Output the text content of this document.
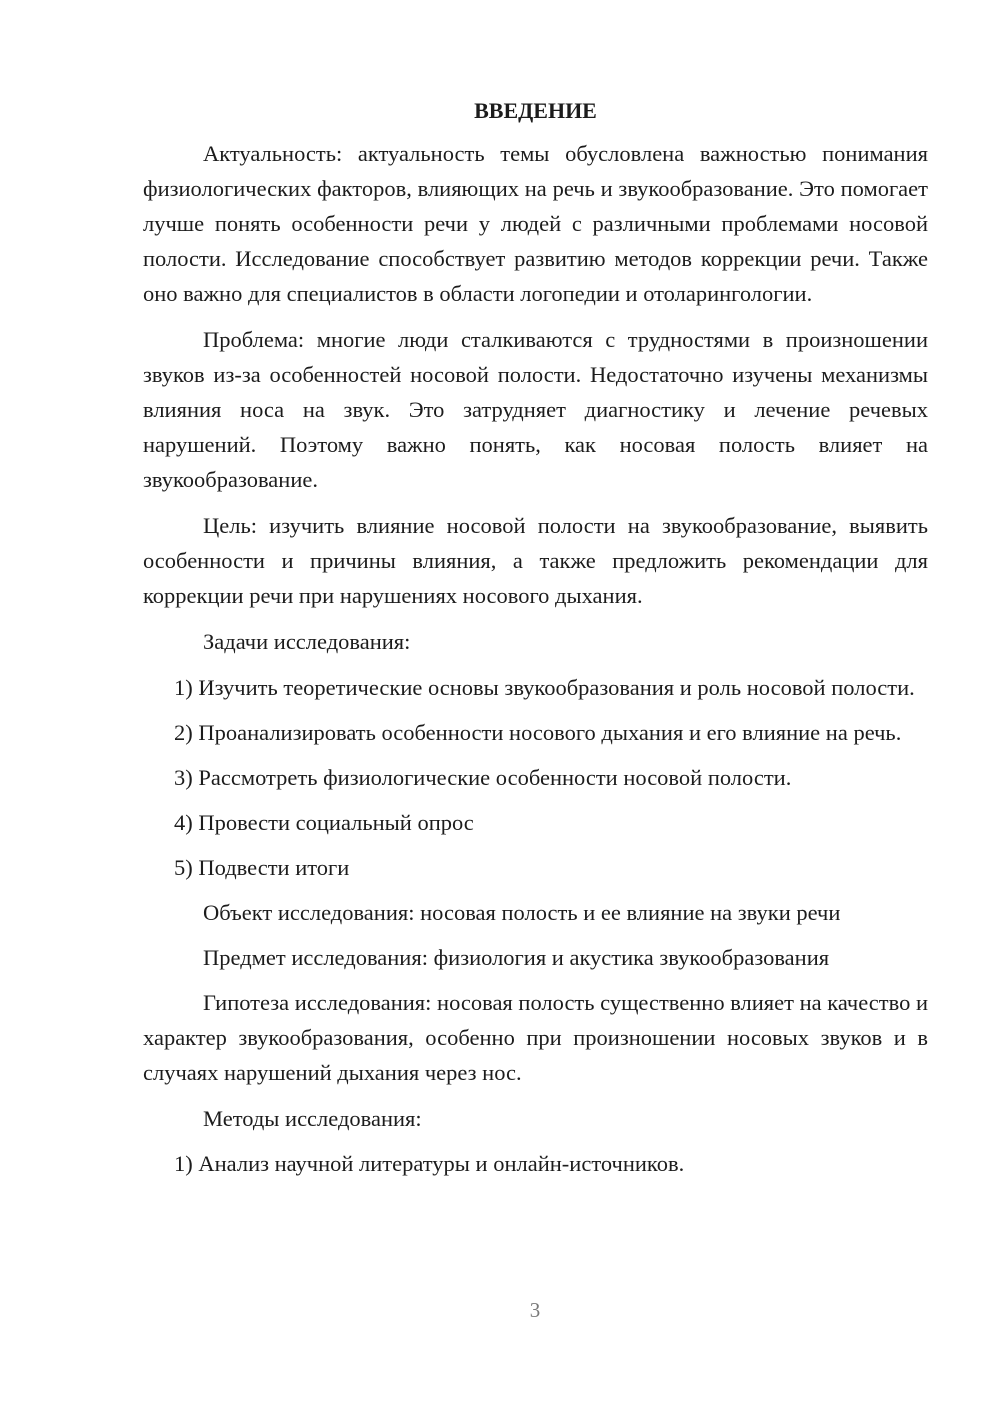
ВВЕДЕНИЕ

Актуальность: актуальность темы обусловлена важностью понимания физиологических факторов, влияющих на речь и звукообразование. Это помогает лучше понять особенности речи у людей с различными проблемами носовой полости. Исследование способствует развитию методов коррекции речи. Также оно важно для специалистов в области логопедии и отоларингологии.

Проблема: многие люди сталкиваются с трудностями в произношении звуков из-за особенностей носовой полости. Недостаточно изучены механизмы влияния носа на звук. Это затрудняет диагностику и лечение речевых нарушений. Поэтому важно понять, как носовая полость влияет на звукообразование.

Цель: изучить влияние носовой полости на звукообразование, выявить особенности и причины влияния, а также предложить рекомендации для коррекции речи при нарушениях носового дыхания.

Задачи исследования:

1) Изучить теоретические основы звукообразования и роль носовой полости.

2) Проанализировать особенности носового дыхания и его влияние на речь.

3) Рассмотреть физиологические особенности носовой полости.

4) Провести социальный опрос

5) Подвести итоги

Объект исследования: носовая полость и ее влияние на звуки речи

Предмет исследования: физиология и акустика звукообразования

Гипотеза исследования: носовая полость существенно влияет на качество и характер звукообразования, особенно при произношении носовых звуков и в случаях нарушений дыхания через нос.

Методы исследования:

1) Анализ научной литературы и онлайн-источников.

3
